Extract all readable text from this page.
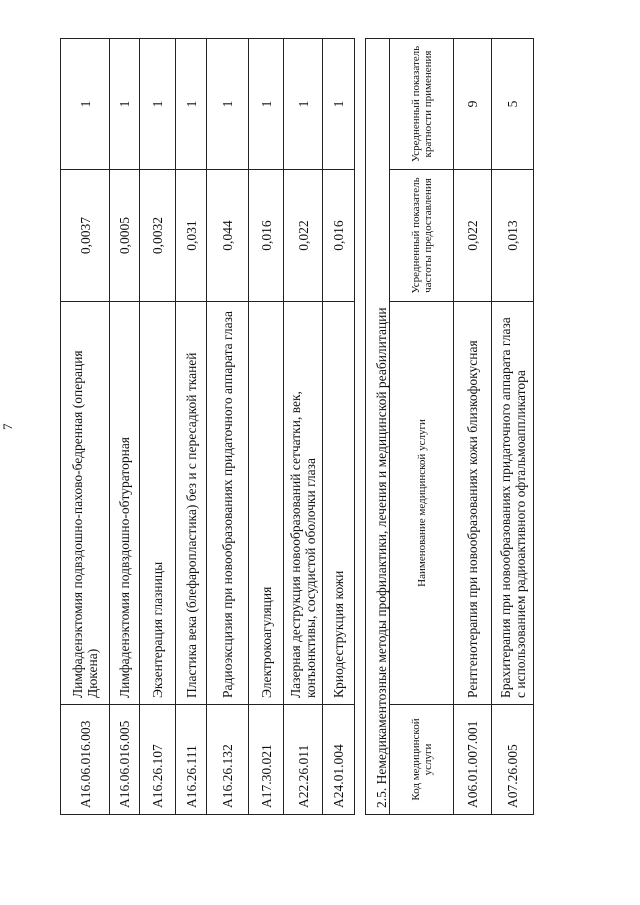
7
A16.06.016.003	Лимфаденэктомия подвздошно-пахово-бедренная (операция Дюкена)	0,0037	1
A16.06.016.005	Лимфаденэктомия подвздошно-обтураторная	0,0005	1
A16.26.107	Экзентерация глазницы	0,0032	1
A16.26.111	Пластика века (блефаропластика) без и с пересадкой тканей	0,031	1
A16.26.132	Радиоэксцизия при новообразованиях придаточного аппарата глаза	0,044	1
A17.30.021	Электрокоагуляция	0,016	1
A22.26.011	Лазерная деструкция новообразований сетчатки, век, конъюнктивы, сосудистой оболочки глаза	0,022	1
A24.01.004	Криодеструкция кожи	0,016	1
2.5. Немедикаментозные методы профилактики, лечения и медицинской реабилитации			
Код медицинской услуги	Наименование медицинской услуги	Усредненный показатель частоты предоставления	Усредненный показатель кратности применения
A06.01.007.001	Рентгенотерапия при новообразованиях кожи близкофокусная	0,022	9
A07.26.005	Брахитерапия при новообразованиях придаточного аппарата глаза с использованием радиоактивного офтальмоаппликатора	0,013	5
